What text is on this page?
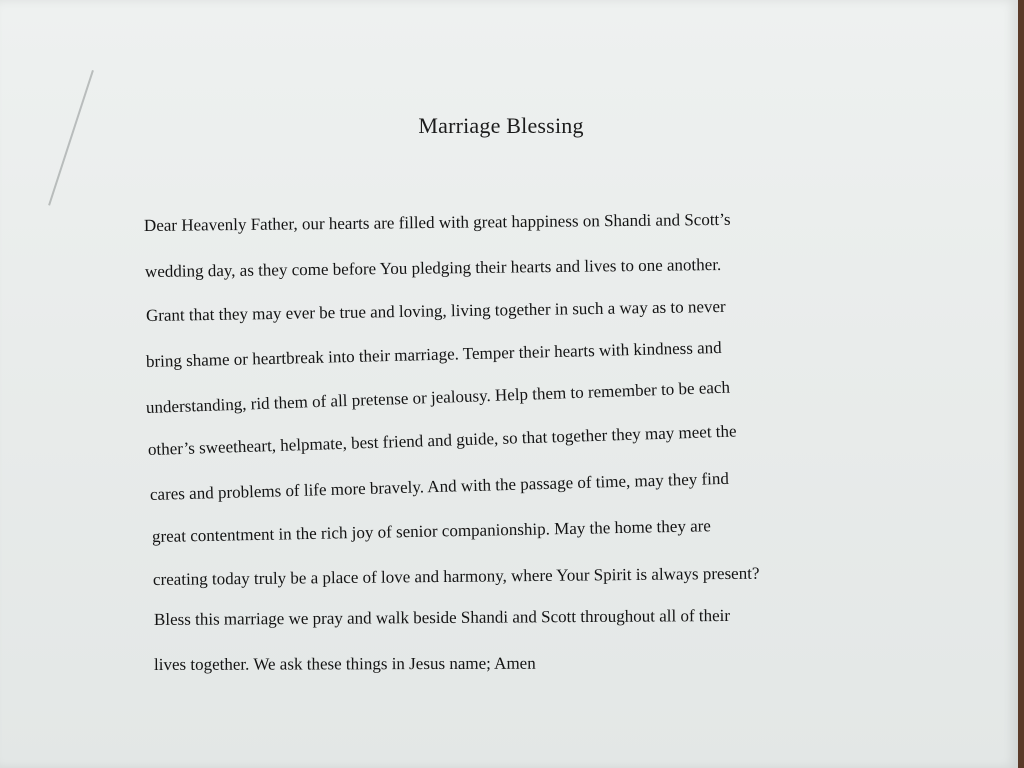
Marriage Blessing
Dear Heavenly Father, our hearts are filled with great happiness on Shandi and Scott’s
wedding day, as they come before You pledging their hearts and lives to one another.
Grant that they may ever be true and loving, living together in such a way as to never
bring shame or heartbreak into their marriage. Temper their hearts with kindness and
understanding, rid them of all pretense or jealousy. Help them to remember to be each
other’s sweetheart, helpmate, best friend and guide, so that together they may meet the
cares and problems of life more bravely. And with the passage of time, may they find
great contentment in the rich joy of senior companionship. May the home they are
creating today truly be a place of love and harmony, where Your Spirit is always present?
Bless this marriage we pray and walk beside Shandi and Scott throughout all of their
lives together. We ask these things in Jesus name; Amen
